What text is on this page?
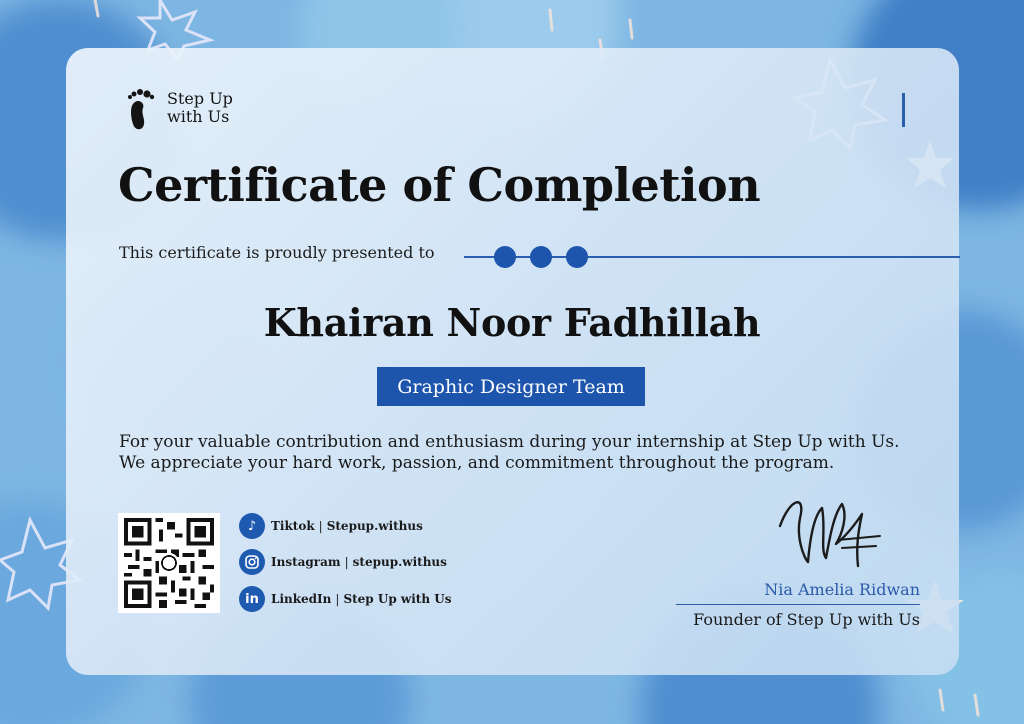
Step Up
with Us
Certificate of Completion
This certificate is proudly presented to
Khairan Noor Fadhillah
Graphic Designer Team
For your valuable contribution and enthusiasm during your internship at Step Up with Us. We appreciate your hard work, passion, and commitment throughout the program.
♪	Tiktok | Stepup.withus
Instagram | stepup.withus
in	LinkedIn | Step Up with Us	Nia Amelia Ridwan
Founder of Step Up with Us
